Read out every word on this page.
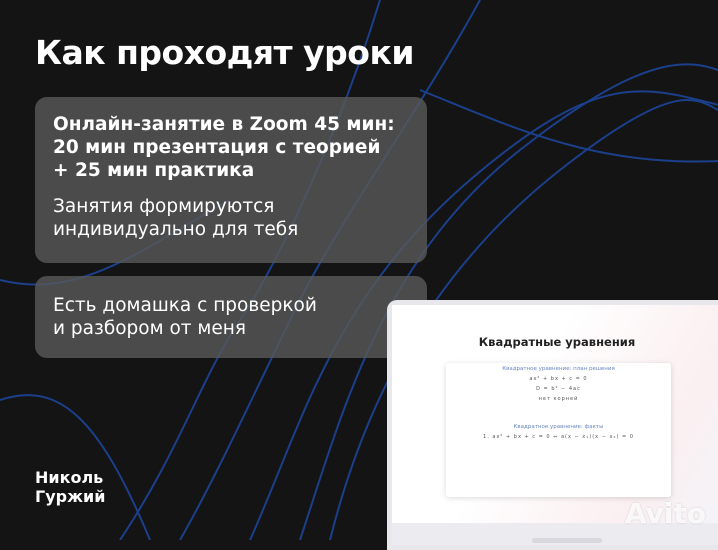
Как проходят уроки

Онлайн-занятие в Zoom 45 мин:

20 мин презентация с теорией

+ 25 мин практика

Занятия формируются

индивидуально для тебя

Есть домашка с проверкой

и разбором от меня

Николь
Гуржий
Квадратные уравнения
Квадратное уравнение: план решения
ax² + bx + c = 0
D = b² − 4ac
нет корней
Квадратное уравнение: факты
1. ax² + bx + c = 0 ⇔ a(x − x₁)(x − x₂) = 0
Avito
